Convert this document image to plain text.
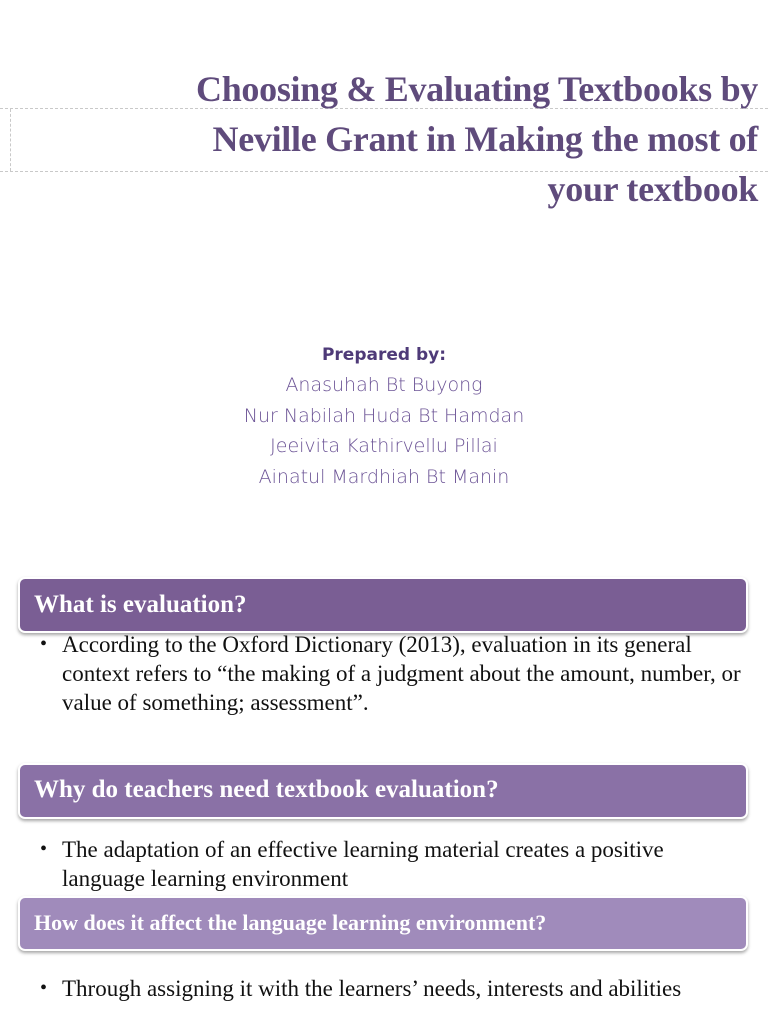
Choosing & Evaluating Textbooks by
Neville Grant in Making the most of
your textbook
Prepared by:
Anasuhah Bt Buyong
Nur Nabilah Huda Bt Hamdan
Jeeivita Kathirvellu Pillai
Ainatul Mardhiah Bt Manin
What is evaluation?
• According to the Oxford Dictionary (2013), evaluation in its general context refers to “the making of a judgment about the amount, number, or value of something; assessment”.
Why do teachers need textbook evaluation?
• The adaptation of an effective learning material creates a positive language learning environment
How does it affect the language learning environment?
• Through assigning it with the learners’ needs, interests and abilities
